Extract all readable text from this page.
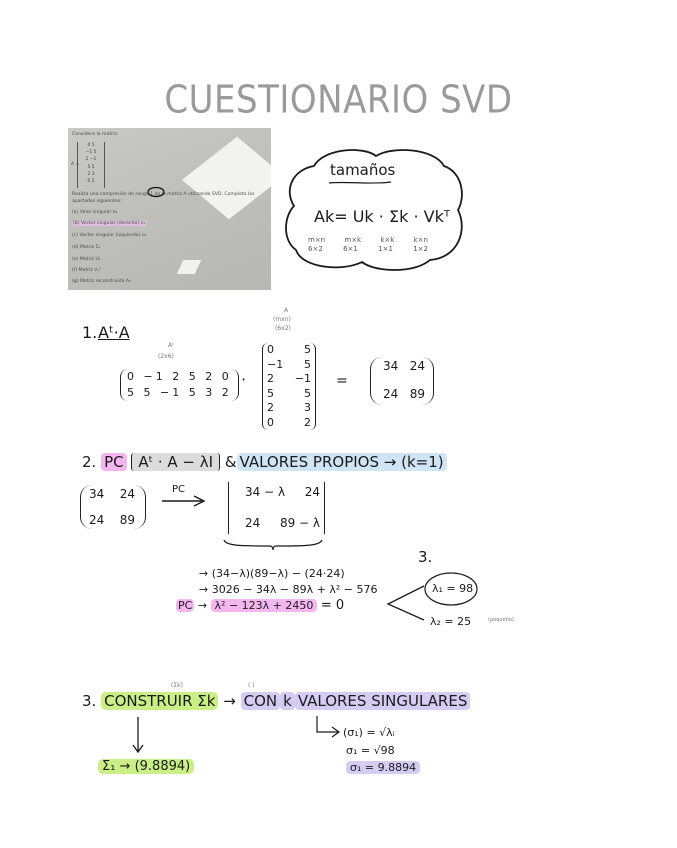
CUESTIONARIO SVD
Considera la matriz:
A =
0 5
−1 5
2 −1
5 5
2 3
0 2
Realiza una compresión de rango 1 de la matriz A utilizando SVD. Completa los
apartados siguientes:
(a) Valor singular σ₁
(b) Vector singular (derecho) v₁
(c) Vector singular (izquierdo) u₁
(d) Matriz Σ₁
(e) Matriz U₁
(f) Matriz V₁ᵀ
(g) Matriz reconstruida A₁
tamaños
Ak= Uk · Σk · Vkᵀ
m×n	m×k	k×k	k×n
6×2	6×1	1×1	1×2
1. Aᵗ·A
Aᵗ
(2x6)
0 −1 2 5 2 0
5 5 −1 5 3 2
·
A
(mxn)
(6x2)
0	5
−1 5
2 −1
5	5
2	3
0	2
=
34 24
24 89
2. PC Aᵗ · A − λI & VALORES PROPIOS → (k=1)
34 24
24 89
PC	34 − λ 24
24 89 − λ
3.
→ (34−λ)(89−λ) − (24·24)
→ 3026 − 34λ − 89λ + λ² − 576
PC → λ² − 123λ + 2450 = 0
λ₁ = 98
λ₂ = 25	(pequeño)
(Σk)	( )
3. CONSTRUIR Σk → CON k VALORES SINGULARES
Σ₁ → (9.8894)
(σ₁) = √λᵢ
σ₁ = √98
σ₁ = 9.8894
